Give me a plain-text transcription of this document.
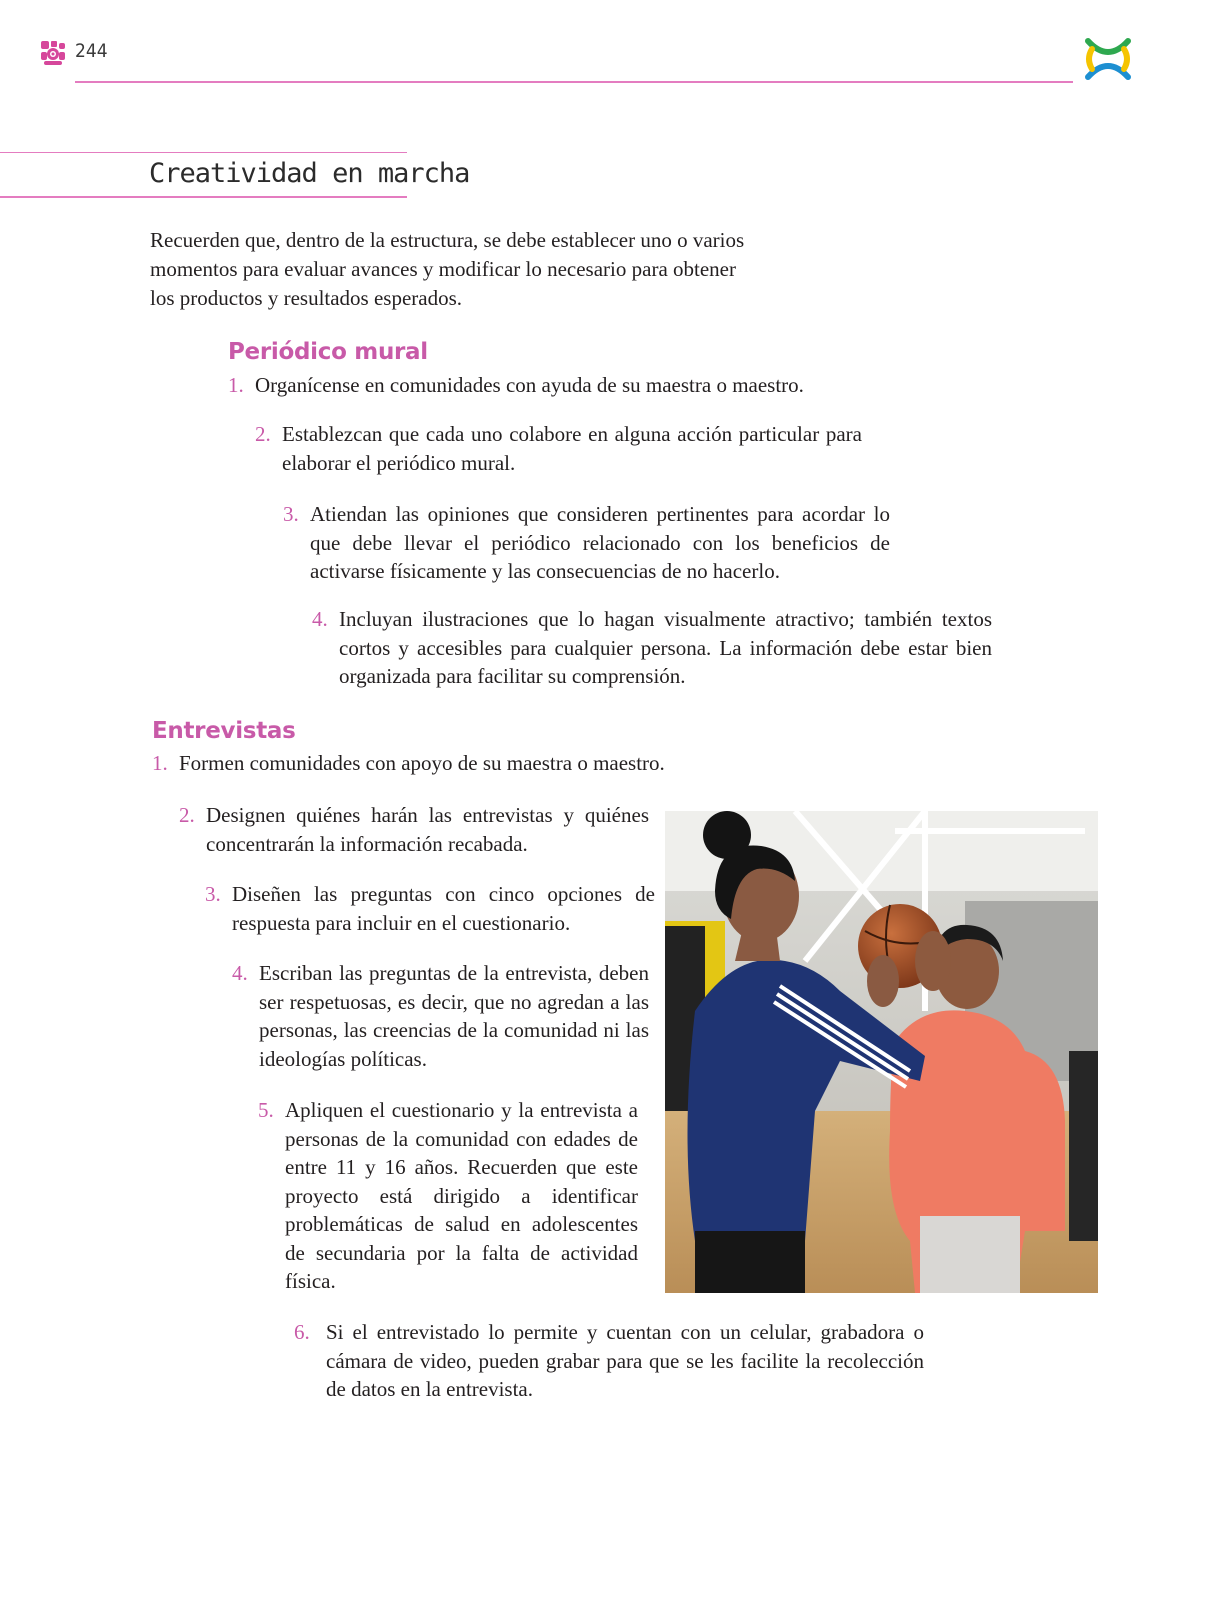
244
Creatividad en marcha
Recuerden que, dentro de la estructura, se debe establecer uno o varios momentos para evaluar avances y modificar lo necesario para obtener los productos y resultados esperados.
Periódico mural
1. Organícense en comunidades con ayuda de su maestra o maestro.
2. Establezcan que cada uno colabore en alguna acción particular para elaborar el periódico mural.
3. Atiendan las opiniones que consideren pertinentes para acordar lo que debe llevar el periódico relacionado con los beneficios de activarse físicamente y las consecuencias de no hacerlo.
4. Incluyan ilustraciones que lo hagan visualmente atractivo; también textos cortos y accesibles para cualquier persona. La información debe estar bien organizada para facilitar su comprensión.
Entrevistas
1. Formen comunidades con apoyo de su maestra o maestro.
2. Designen quiénes harán las entrevistas y quiénes concentrarán la información recabada.
3. Diseñen las preguntas con cinco opciones de respuesta para incluir en el cuestionario.
4. Escriban las preguntas de la entrevista, deben ser respetuosas, es decir, que no agredan a las personas, las creencias de la comunidad ni las ideologías políticas.
5. Apliquen el cuestionario y la entrevista a personas de la comunidad con edades de entre 11 y 16 años. Recuerden que este proyecto está dirigido a identificar problemáticas de salud en adolescentes de secundaria por la falta de actividad física.
6. Si el entrevistado lo permite y cuentan con un celular, grabadora o cámara de video, pueden grabar para que se les facilite la recolección de datos en la entrevista.
